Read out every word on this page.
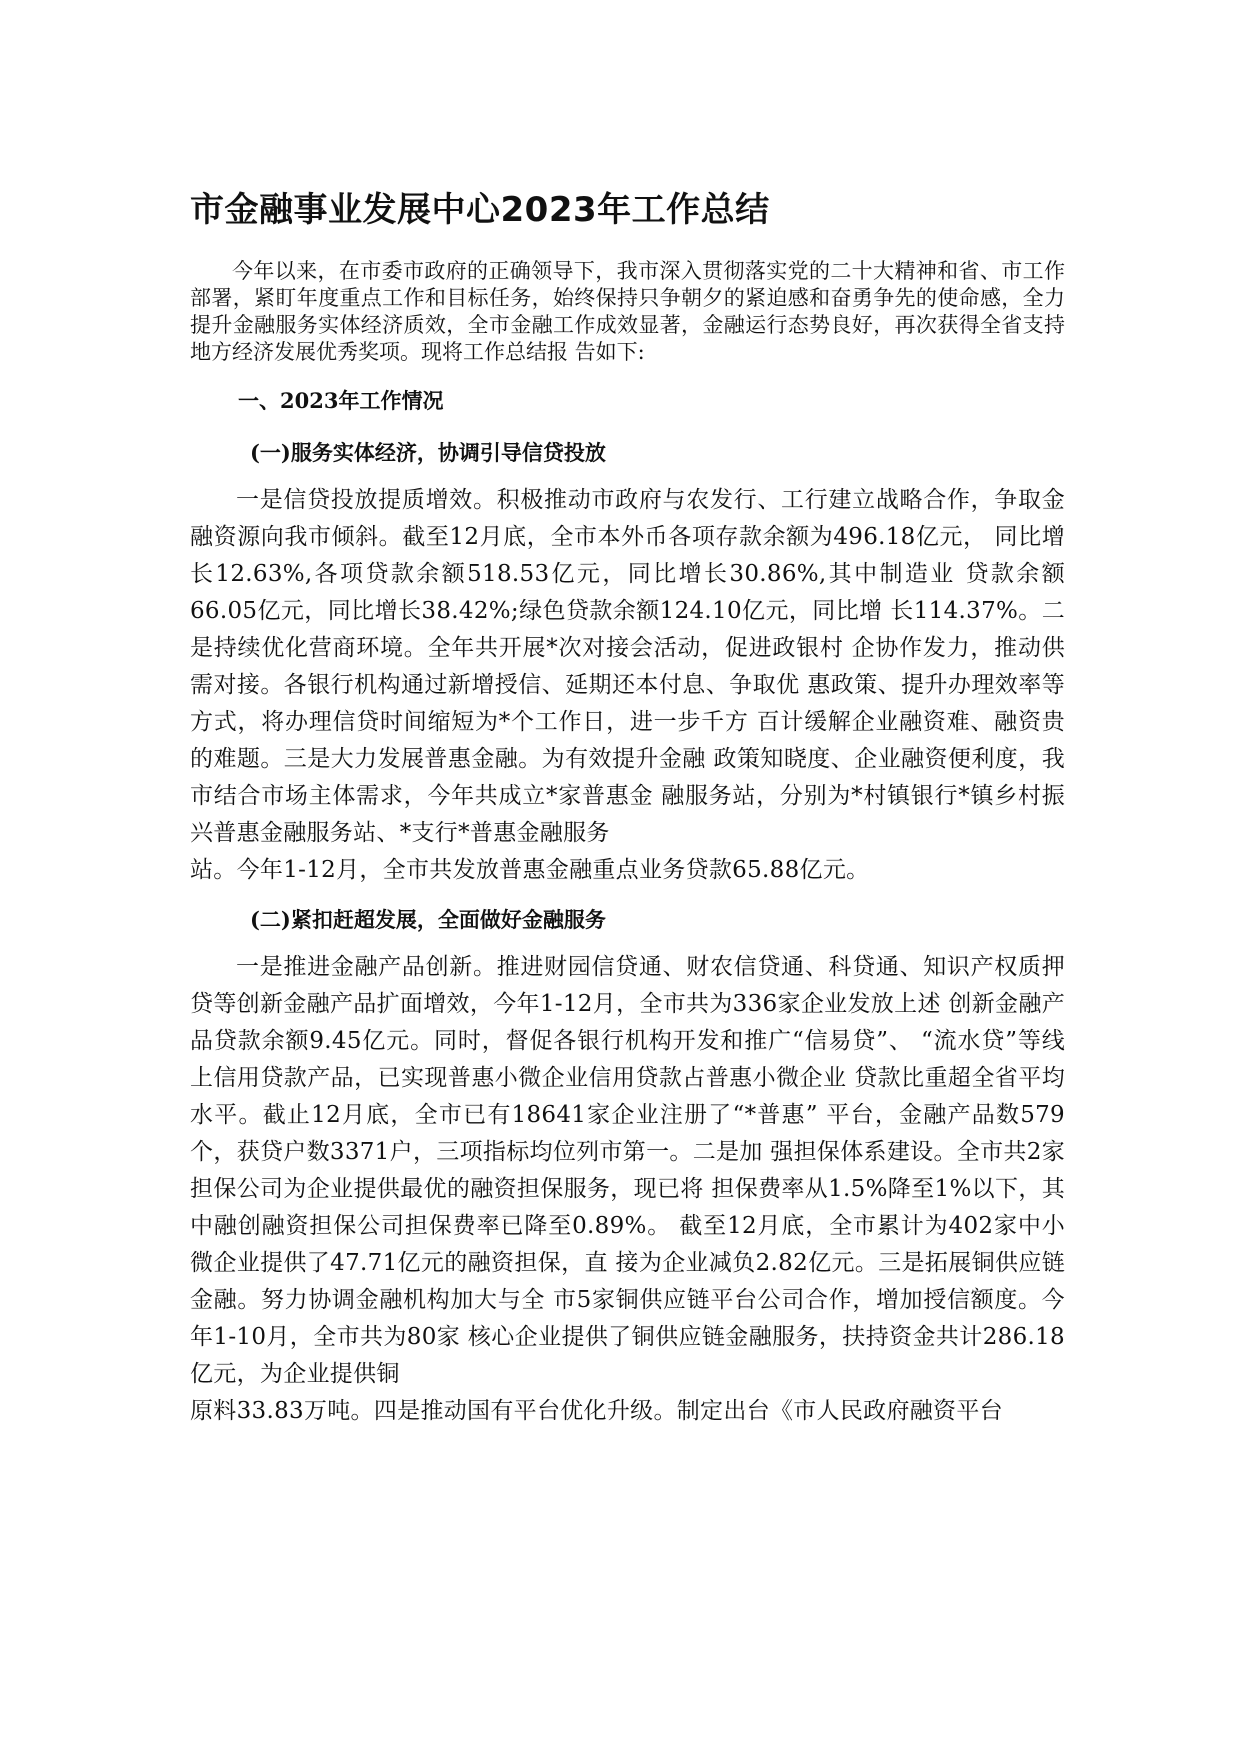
市金融事业发展中心2023年工作总结

今年以来，在市委市政府的正确领导下，我市深入贯彻落实党的二十大精神和省、市工作部署，紧盯年度重点工作和目标任务，始终保持只争朝夕的紧迫感和奋勇争先的使命感，全力提升金融服务实体经济质效，全市金融工作成效显著，金融运行态势良好，再次获得全省支持地方经济发展优秀奖项。现将工作总结报 告如下:

一、2023年工作情况
(一)服务实体经济，协调引导信贷投放

一是信贷投放提质增效。积极推动市政府与农发行、工行建立战略合作，争取金融资源向我市倾斜。截至12月底，全市本外币各项存款余额为496.18亿元， 同比增长12.63%,各项贷款余额518.53亿元，同比增长30.86%,其中制造业 贷款余额66.05亿元，同比增长38.42%;绿色贷款余额124.10亿元，同比增 长114.37%。二是持续优化营商环境。全年共开展*次对接会活动，促进政银村 企协作发力，推动供需对接。各银行机构通过新增授信、延期还本付息、争取优 惠政策、提升办理效率等方式，将办理信贷时间缩短为*个工作日，进一步千方 百计缓解企业融资难、融资贵的难题。三是大力发展普惠金融。为有效提升金融 政策知晓度、企业融资便利度，我市结合市场主体需求，今年共成立*家普惠金 融服务站，分别为*村镇银行*镇乡村振兴普惠金融服务站、*支行*普惠金融服务

站。今年1-12月，全市共发放普惠金融重点业务贷款65.88亿元。

(二)紧扣赶超发展，全面做好金融服务

一是推进金融产品创新。推进财园信贷通、财农信贷通、科贷通、知识产权质押贷等创新金融产品扩面增效，今年1-12月，全市共为336家企业发放上述 创新金融产品贷款余额9.45亿元。同时，督促各银行机构开发和推广“信易贷”、 “流水贷”等线上信用贷款产品，已实现普惠小微企业信用贷款占普惠小微企业 贷款比重超全省平均水平。截止12月底，全市已有18641家企业注册了“*普惠” 平台，金融产品数579个，获贷户数3371户，三项指标均位列市第一。二是加 强担保体系建设。全市共2家担保公司为企业提供最优的融资担保服务，现已将 担保费率从1.5%降至1%以下，其中融创融资担保公司担保费率已降至0.89%。 截至12月底，全市累计为402家中小微企业提供了47.71亿元的融资担保，直 接为企业减负2.82亿元。三是拓展铜供应链金融。努力协调金融机构加大与全 市5家铜供应链平台公司合作，增加授信额度。今年1-10月，全市共为80家 核心企业提供了铜供应链金融服务，扶持资金共计286.18亿元，为企业提供铜

原料33.83万吨。四是推动国有平台优化升级。制定出台《市人民政府融资平台
